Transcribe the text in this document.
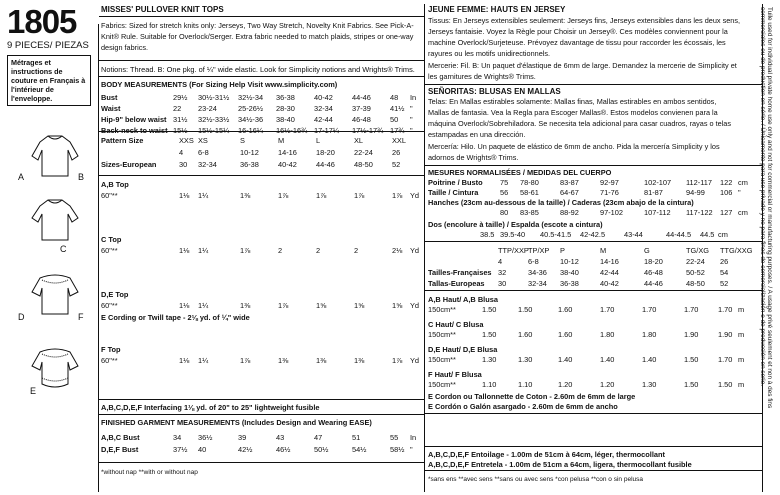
1805
9 PIECES/ PIEZAS
Métrages et instructions de couture en Français à l'intérieur de l'enveloppe.
A	B
C
D	F
E
MISSES' PULLOVER KNIT TOPS
Fabrics: Sized for stretch knits only: Jerseys, Two Way Stretch, Novelty Knit Fabrics. See Pick-A-
Knit® Rule. Suitable for Overlock/Serger. Extra fabric needed to match plaids, stripes or one-way
design fabrics.
Notions: Thread. B: One pkg. of ¼" wide elastic. Look for Simplicity notions and Wrights® Trims.
BODY MEASUREMENTS (For Sizing Help Visit www.simplicity.com)
Bust	29½ 30½-31½ 32½-34 36-38	40-42	44-46	48 In
Waist	22 23-24	25-26½ 28-30	32-34	37-39	41½ "
Hip-9" below waist 31½ 32½-33½ 34½-36 38-40	42-44	46-48	50 "
Pattern Size	XXS XS	S	M	L	XL	XXL
4 6-8	10-12	14-16	18-20	22-24	26
Sizes-European	30 32-34	36-38	40-42	44-46	48-50	52
A,B Top
60"**	1⅛ 1¼	1⅜	1⅞	1⅞	1⅞	1⅞ Yd
C Top
60"**	1⅛ 1¼	1⅞	2	2	2	2⅛ Yd
D,E Top
60"**	1⅛ 1¼	1⅜	1⅞	1⅝	1⅝	1⅝ Yd
F Top
60"**	1⅛ 1¼	1⅞	1⅜	1⅜	1⅜	1⅞ Yd
E Cording or Twill tape - 2⅛ yd. of ¼" wide
A,B,C,D,E,F Interfacing 1⅛ yd. of 20" to 25" lightweight fusible
FINISHED GARMENT MEASUREMENTS (Includes Design and Wearing EASE)
A,B,C Bust	34 36½	39	43	47	51	55 In
D,E,F Bust	37½ 40	42½	46½	50½	54½	58½ "
*without nap **with or without nap
JEUNE FEMME: HAUTS EN JERSEY
Tissus: En Jerseys extensibles seulement: Jerseys fins, Jerseys extensibles dans les deux sens,
Jerseys fantaisie. Voyez la Règle pour Choisir un Jersey®. Ces modèles conviennent pour la
machine Overlock/Surjeteuse. Prévoyez davantage de tissu pour raccorder les écossais, les
rayures ou les motifs unidirectionnels.
Mercerie: Fil. B: Un paquet d'élastique de 6mm de large. Demandez la mercerie de Simplicity et
les garnitures de Wrights® Trims.
SEÑORITAS: BLUSAS EN MALLAS
Telas: En Mallas estirables solamente: Mallas finas, Mallas estirables en ambos sentidos,
Mallas de fantasia. Vea la Regla para Escoger Mallas®. Estos modelos convienen para la
máquina Overlock/Sobrehiladora. Se necesita tela adicional para casar cuadros, rayas o telas
estampadas en una dirección.
Mercería: Hilo. Un paquete de elástico de 6mm de ancho. Pida la mercería Simplicity y los
adornos de Wrights® Trims.
MESURES NORMALISÉES / MEDIDAS DEL CUERPO
Poitrine / Busto 75 78-80	83-87	92-97	102-107 112-117 122 cm
Taille / Cintura	56 58-61	64-67	71-76	81-87	94-99 106 "
Hanches (23cm au-dessous de la taille) / Caderas (23cm abajo de la cintura)
80 83-85	88-92	97-102	107-112 117-122 127 cm
Dos (encolure à taille) / Espalda (escote a cintura)
38.5 39.5-40 40.5-41.5 42-42.5	43-44	44-44.5 44.5 cm
TTP/XXP TP/XP P	M	G	TG/XG TTG/XXG
4	6-8	10-12	14-16	18-20	22-24 26
Tailles-Françaises 32	34-36 38-40	42-44	46-48	50-52 54
Tallas-Europeas 30	32-34 36-38	40-42	44-46	48-50 52
A,B Haut/ A,B Blusa
150cm**	1.50	1.50	1.60	1.70	1.70	1.70	1.70 m
C Haut/ C Blusa
150cm**	1.50	1.60	1.60	1.80	1.80	1.90	1.90 m
D,E Haut/ D,E Blusa
150cm**	1.30	1.30	1.40	1.40	1.40	1.50	1.70 m
F Haut/ F Blusa
150cm**	1.10	1.10	1.20	1.20	1.30	1.50	1.50 m
E Cordon ou Tallonnette de Coton - 2.60m de 6mm de large
E Cordón o Galón asargado - 2.60m de 6mm de ancho
A,B,C,D,E,F Entoilage - 1.00m de 51cm à 64cm, léger, thermocollant
A,B,C,D,E,F Entretela - 1.00m de 51cm a 64cm, ligera, thermocollant fusible
*sans ens **avec sens **sans ou avec sens *con pelusa **con o sin pelusa
Tuile used for individual private home use only and not for commercial or manufacturing purposes. / A usage privé seulement et non à des fins
commerciales ou de production en série. / Únicamente para uso privado y no para fines de comercialización o de producción en serie.
